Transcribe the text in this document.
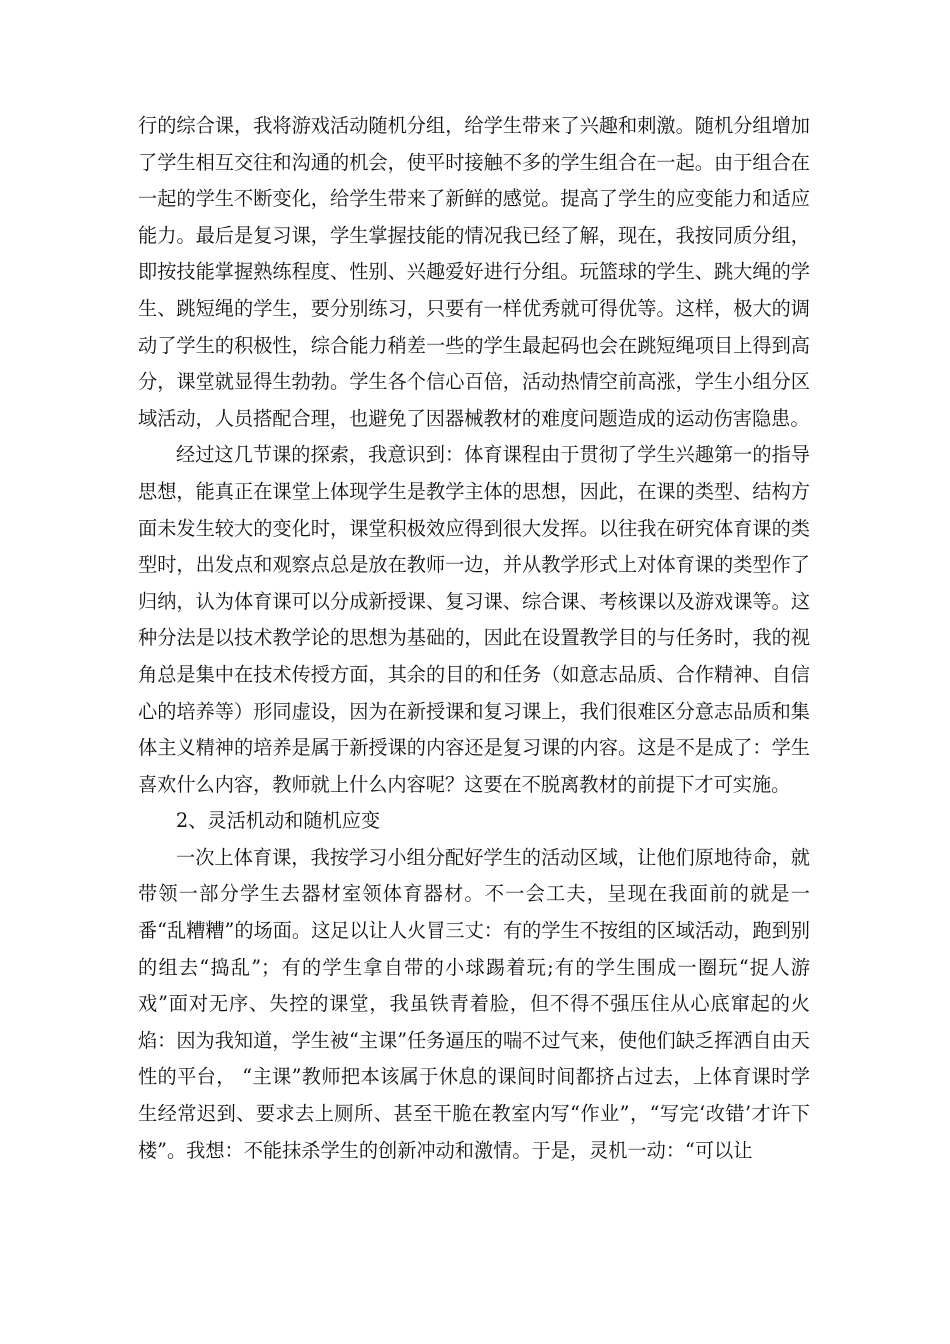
行的综合课，我将游戏活动随机分组，给学生带来了兴趣和刺激。随机分组增加了学生相互交往和沟通的机会，使平时接触不多的学生组合在一起。由于组合在一起的学生不断变化，给学生带来了新鲜的感觉。提高了学生的应变能力和适应能力。最后是复习课，学生掌握技能的情况我已经了解，现在，我按同质分组，即按技能掌握熟练程度、性别、兴趣爱好进行分组。玩篮球的学生、跳大绳的学生、跳短绳的学生，要分别练习，只要有一样优秀就可得优等。这样，极大的调动了学生的积极性，综合能力稍差一些的学生最起码也会在跳短绳项目上得到高分，课堂就显得生勃勃。学生各个信心百倍，活动热情空前高涨，学生小组分区域活动，人员搭配合理，也避免了因器械教材的难度问题造成的运动伤害隐患。

经过这几节课的探索，我意识到：体育课程由于贯彻了学生兴趣第一的指导思想，能真正在课堂上体现学生是教学主体的思想，因此，在课的类型、结构方面未发生较大的变化时，课堂积极效应得到很大发挥。以往我在研究体育课的类型时，出发点和观察点总是放在教师一边，并从教学形式上对体育课的类型作了归纳，认为体育课可以分成新授课、复习课、综合课、考核课以及游戏课等。这种分法是以技术教学论的思想为基础的，因此在设置教学目的与任务时，我的视角总是集中在技术传授方面，其余的目的和任务（如意志品质、合作精神、自信心的培养等）形同虚设，因为在新授课和复习课上，我们很难区分意志品质和集体主义精神的培养是属于新授课的内容还是复习课的内容。这是不是成了：学生喜欢什么内容，教师就上什么内容呢？这要在不脱离教材的前提下才可实施。

2、灵活机动和随机应变

一次上体育课，我按学习小组分配好学生的活动区域，让他们原地待命，就带领一部分学生去器材室领体育器材。不一会工夫，呈现在我面前的就是一番“乱糟糟”的场面。这足以让人火冒三丈：有的学生不按组的区域活动，跑到别的组去“捣乱”；有的学生拿自带的小球踢着玩;有的学生围成一圈玩“捉人游戏”面对无序、失控的课堂，我虽铁青着脸，但不得不强压住从心底窜起的火焰：因为我知道，学生被“主课”任务逼压的喘不过气来，使他们缺乏挥洒自由天性的平台， “主课”教师把本该属于休息的课间时间都挤占过去，上体育课时学生经常迟到、要求去上厕所、甚至干脆在教室内写“作业”，“写完‘改错’才许下楼”。我想：不能抹杀学生的创新冲动和激情。于是，灵机一动：“可以让
